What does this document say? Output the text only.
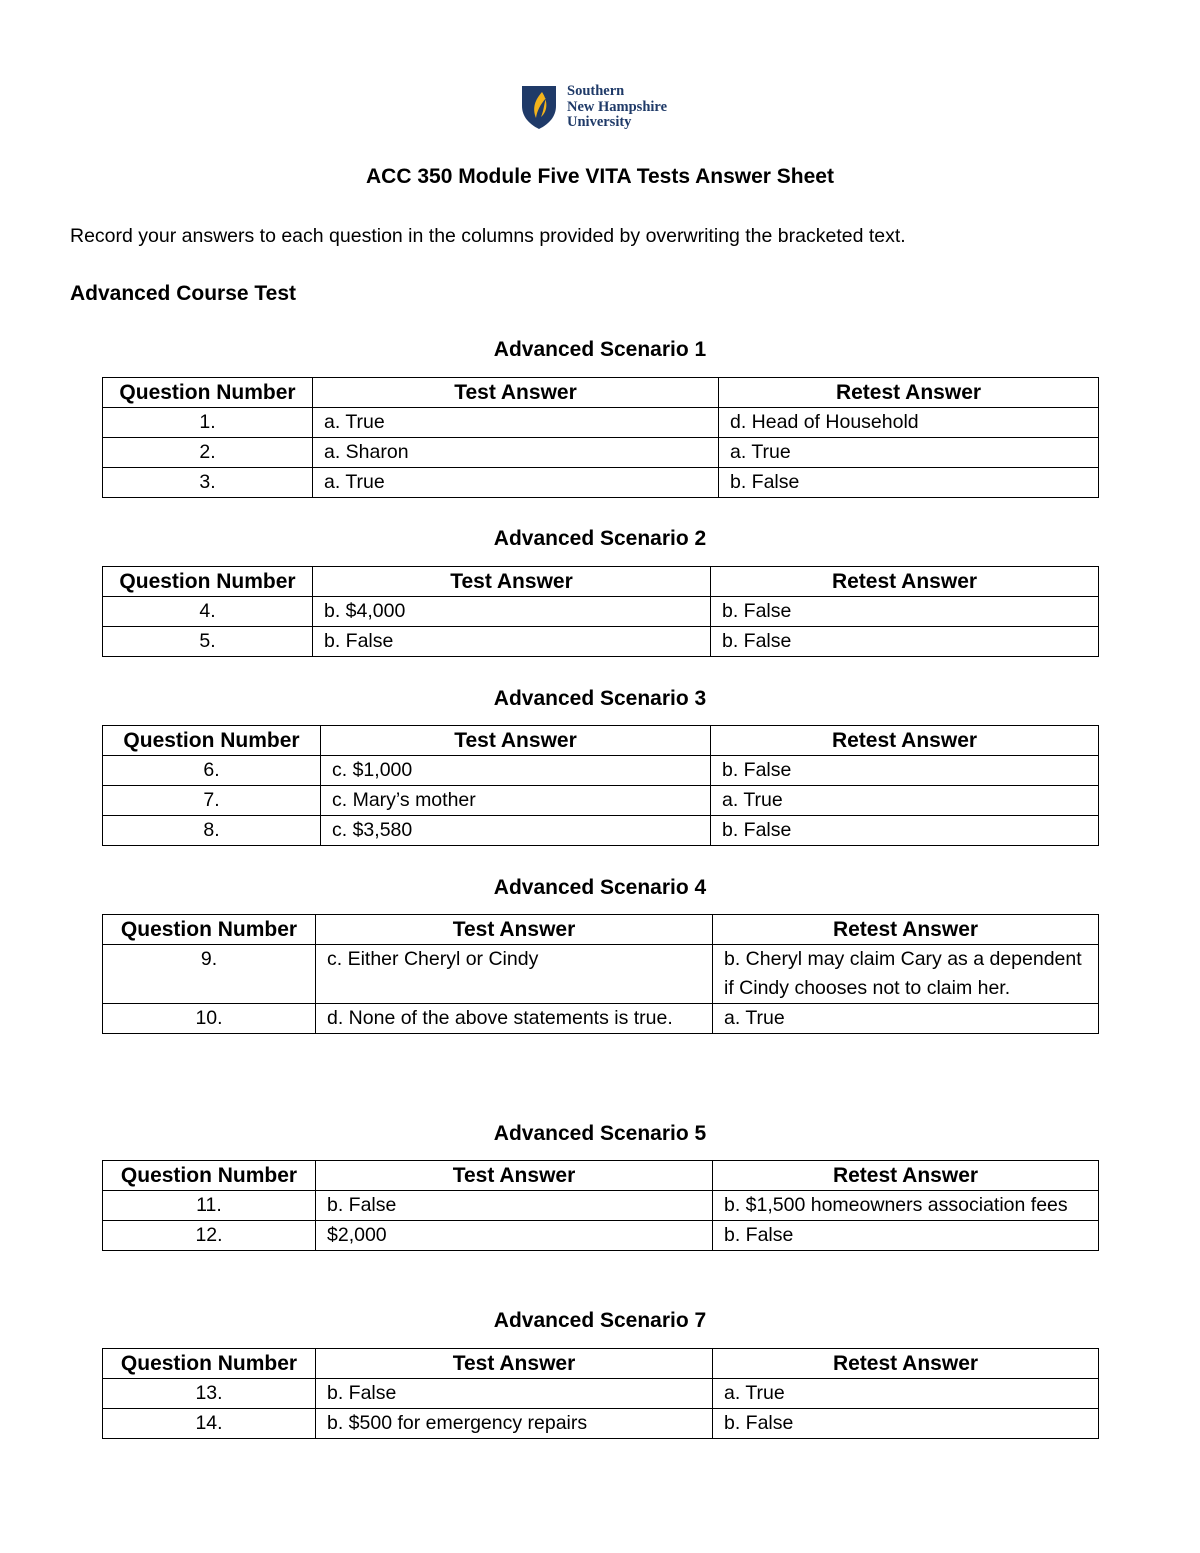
Southern
New Hampshire
University
ACC 350 Module Five VITA Tests Answer Sheet
Record your answers to each question in the columns provided by overwriting the bracketed text.
Advanced Course Test
Advanced Scenario 1
Question Number	Test Answer	Retest Answer
1.	a. True	d. Head of Household
2.	a. Sharon	a. True
3.	a. True	b. False
Advanced Scenario 2
Question Number	Test Answer	Retest Answer
4.	b. $4,000	b. False
5.	b. False	b. False
Advanced Scenario 3
Question Number	Test Answer	Retest Answer
6.	c. $1,000	b. False
7.	c. Mary’s mother	a. True
8.	c. $3,580	b. False
Advanced Scenario 4
Question Number	Test Answer	Retest Answer
9.	c. Either Cheryl or Cindy	b. Cheryl may claim Cary as a dependent if Cindy chooses not to claim her.
10.	d. None of the above statements is true.	a. True
Advanced Scenario 5
Question Number	Test Answer	Retest Answer
11.	b. False	b. $1,500 homeowners association fees
12.	$2,000	b. False
Advanced Scenario 7
Question Number	Test Answer	Retest Answer
13.	b. False	a. True
14.	b. $500 for emergency repairs	b. False
